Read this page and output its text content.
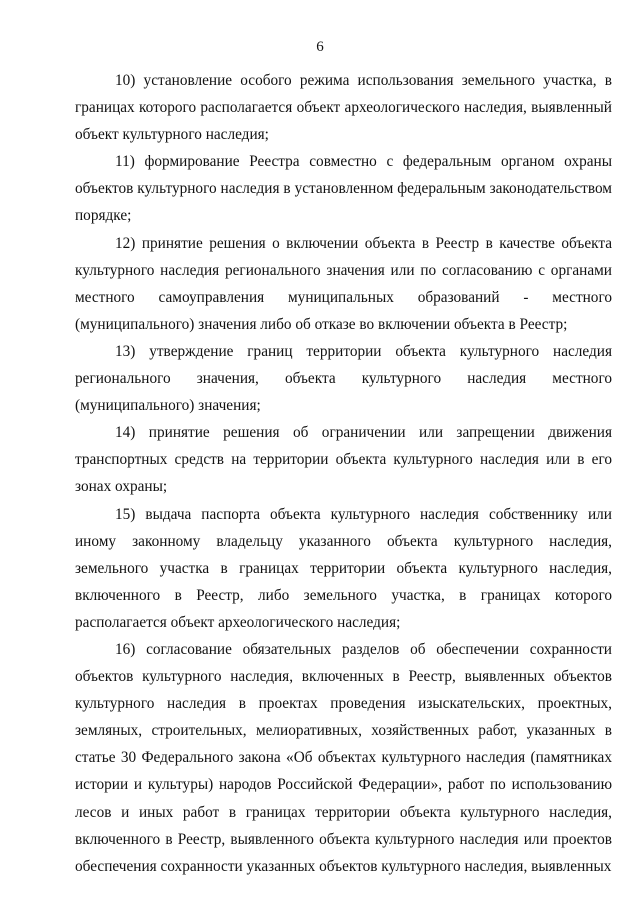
6

10) установление особого режима использования земельного участка, в границах которого располагается объект археологического наследия, выявленный объект культурного наследия;

11) формирование Реестра совместно с федеральным органом охраны объектов культурного наследия в установленном федеральным законодательством порядке;

12) принятие решения о включении объекта в Реестр в качестве объекта культурного наследия регионального значения или по согласованию с органами местного самоуправления муниципальных образований - местного (муниципального) значения либо об отказе во включении объекта в Реестр;

13) утверждение границ территории объекта культурного наследия регионального значения, объекта культурного наследия местного (муниципального) значения;

14) принятие решения об ограничении или запрещении движения транспортных средств на территории объекта культурного наследия или в его зонах охраны;

15) выдача паспорта объекта культурного наследия собственнику или иному законному владельцу указанного объекта культурного наследия, земельного участка в границах территории объекта культурного наследия, включенного в Реестр, либо земельного участка, в границах которого располагается объект археологического наследия;

16) согласование обязательных разделов об обеспечении сохранности объектов культурного наследия, включенных в Реестр, выявленных объектов культурного наследия в проектах проведения изыскательских, проектных, земляных, строительных, мелиоративных, хозяйственных работ, указанных в статье 30 Федерального закона «Об объектах культурного наследия (памятниках истории и культуры) народов Российской Федерации», работ по использованию лесов и иных работ в границах территории объекта культурного наследия, включенного в Реестр, выявленного объекта культурного наследия или проектов обеспечения сохранности указанных объектов культурного наследия, выявленных
